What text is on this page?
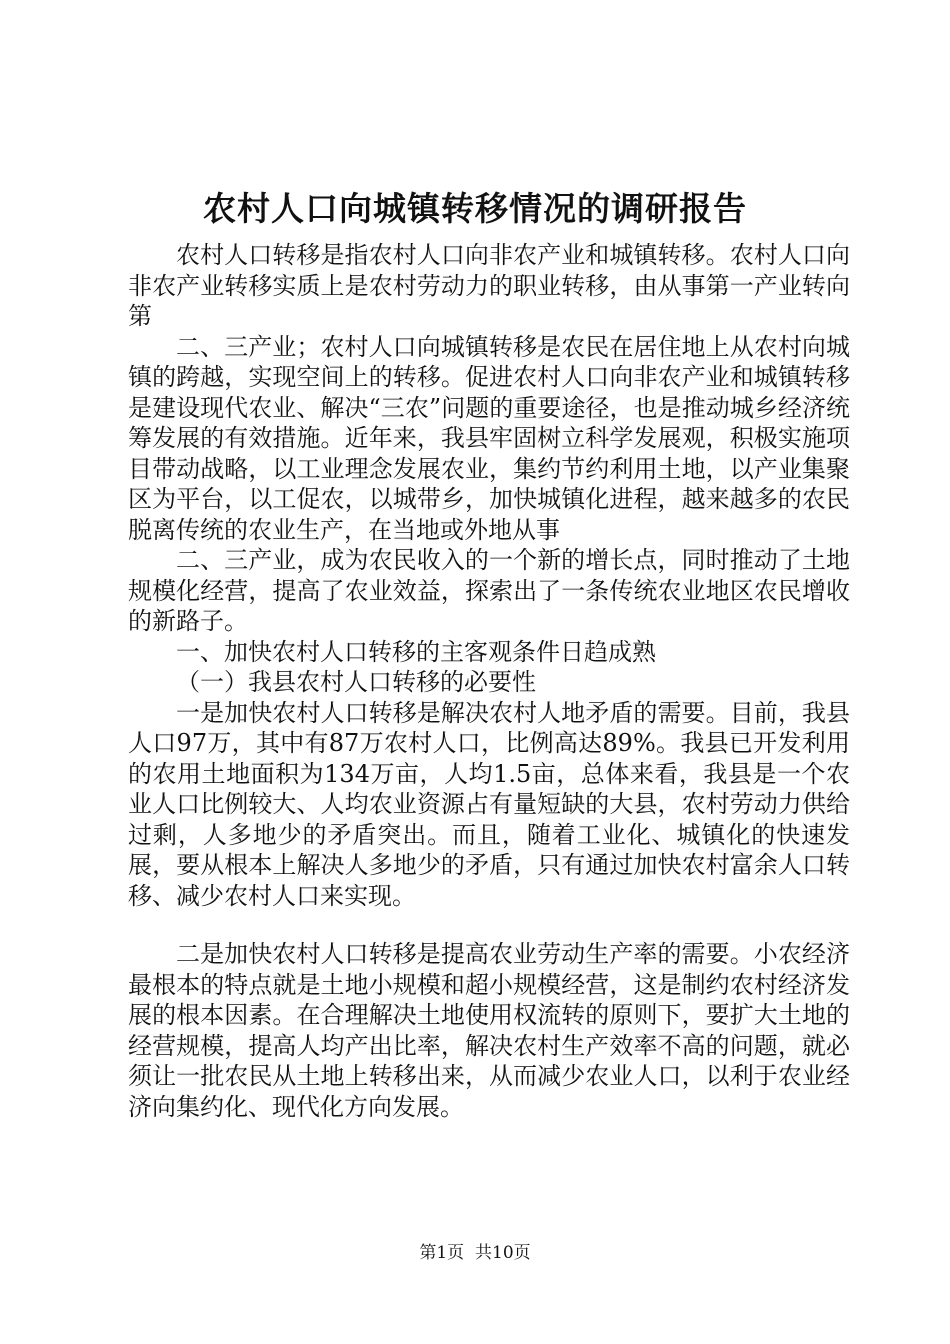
农村人口向城镇转移情况的调研报告

农村人口转移是指农村人口向非农产业和城镇转移。农村人口向非农产业转移实质上是农村劳动力的职业转移，由从事第一产业转向第

二、三产业；农村人口向城镇转移是农民在居住地上从农村向城镇的跨越，实现空间上的转移。促进农村人口向非农产业和城镇转移是建设现代农业、解决“三农”问题的重要途径，也是推动城乡经济统筹发展的有效措施。近年来，我县牢固树立科学发展观，积极实施项目带动战略，以工业理念发展农业，集约节约利用土地，以产业集聚区为平台，以工促农，以城带乡，加快城镇化进程，越来越多的农民脱离传统的农业生产，在当地或外地从事

二、三产业，成为农民收入的一个新的增长点，同时推动了土地规模化经营，提高了农业效益，探索出了一条传统农业地区农民增收的新路子。

一、加快农村人口转移的主客观条件日趋成熟

（一）我县农村人口转移的必要性

一是加快农村人口转移是解决农村人地矛盾的需要。目前，我县人口97万，其中有87万农村人口，比例高达89%。我县已开发利用的农用土地面积为134万亩，人均1.5亩，总体来看，我县是一个农业人口比例较大、人均农业资源占有量短缺的大县，农村劳动力供给过剩，人多地少的矛盾突出。而且，随着工业化、城镇化的快速发展，要从根本上解决人多地少的矛盾，只有通过加快农村富余人口转移、减少农村人口来实现。

二是加快农村人口转移是提高农业劳动生产率的需要。小农经济最根本的特点就是土地小规模和超小规模经营，这是制约农村经济发展的根本因素。在合理解决土地使用权流转的原则下，要扩大土地的经营规模，提高人均产出比率，解决农村生产效率不高的问题，就必须让一批农民从土地上转移出来，从而减少农业人口，以利于农业经济向集约化、现代化方向发展。

第1页 共10页
